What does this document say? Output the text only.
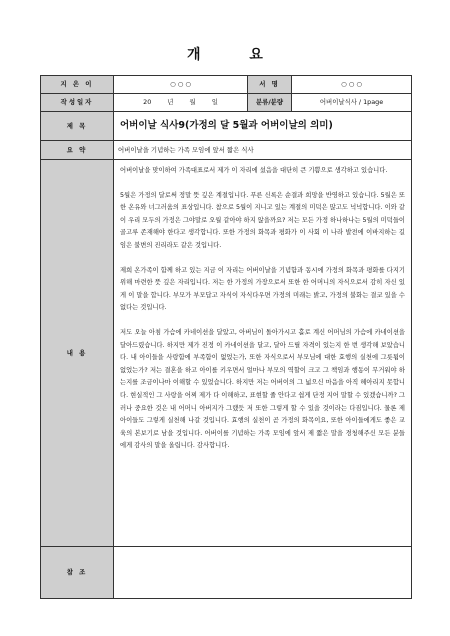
개 요
지 은 이	○ ○ ○	서 명	○ ○ ○
작성일자	20 년 월 일	분류/분량	어버이날식사 / 1page
제 목	어버이날 식사9(가정의 달 5월과 어버이날의 의미)		
요 약	어버이날을 기념하는 가족 모임에 앞서 짧은 식사		
내 용	어버이날을 맞이하여 가족대표로서 제가 이 자리에 섰음을 대단히 큰 기쁨으로 생각하고 있습니다.

5월은 가정의 달로써 정말 뜻 깊은 계절입니다. 푸른 신록은 순결과 희망을 반영하고 있습니다. 5월은 또한 온유와 너그러움의 표상입니다. 참으로 5월이 지니고 있는 계절의 미덕은 많고도 넉넉합니다. 이와 같이 우리 모두의 가정은 그야말로 오월 같아야 하지 않을까요? 저는 모든 가정 하나하나는 5월의 미덕들이 골고루 존재해야 한다고 생각합니다. 또한 가정의 화목과 평화가 이 사회 이 나라 발전에 이바지하는 길임은 불변의 진리라도 같은 것입니다.

제희 온가족이 함께 하고 있는 지금 이 자리는 어버이날을 기념함과 동시에 가정의 화목과 평화를 다지기 위해 마련한 뜻 깊은 자리입니다. 저는 한 가정의 가장으로서 또한 한 어머니의 자식으로서 감히 자신 있게 이 말을 합니다. 부모가 부모답고 자식이 자식다우면 가정의 미래는 밝고, 가정의 불화는 결코 있을 수 없다는 것입니다.

저도 오늘 아침 가슴에 카네이션을 달았고, 아버님이 돌아가시고 홀로 계신 어머님의 가슴에 카네이션을 달아드렸습니다. 하지만 제가 진정 이 카네이션을 달고, 달아 드릴 자격이 있는지 한 번 생각해 보았습니다. 내 아이들을 사랑함에 부족함이 없었는가, 또한 자식으로서 부모님에 대한 효행의 실천에 그릇됨이 없었는가? 저는 결혼을 하고 아이를 키우면서 얼마나 부모의 역할이 크고 그 책임과 행동이 무거워야 하는지를 조금이나마 이해할 수 있었습니다. 하지만 저는 어버이의 그 넓으신 마음을 아직 헤아리지 못합니다. 현실적인 그 사랑을 어찌 제가 다 이해하고, 표현할 줄 안다고 쉽게 단정 지어 말할 수 있겠습니까? 그러나 중요한 것은 내 어머니 아버지가 그랬듯 저 또한 그렇게 할 수 있을 것이라는 다짐입니다. 물론 제 아이들도 그렇게 실천해 나갈 것입니다. 효행의 실천이 곧 가정의 화목이요, 또한 아이들에게도 좋은 교육의 본보기로 남을 것입니다. 어버이를 기념하는 가족 모임에 앞서 제 짧은 말을 경청해주신 모든 분들에게 감사의 말을 올립니다. 감사합니다.		

참 조			
